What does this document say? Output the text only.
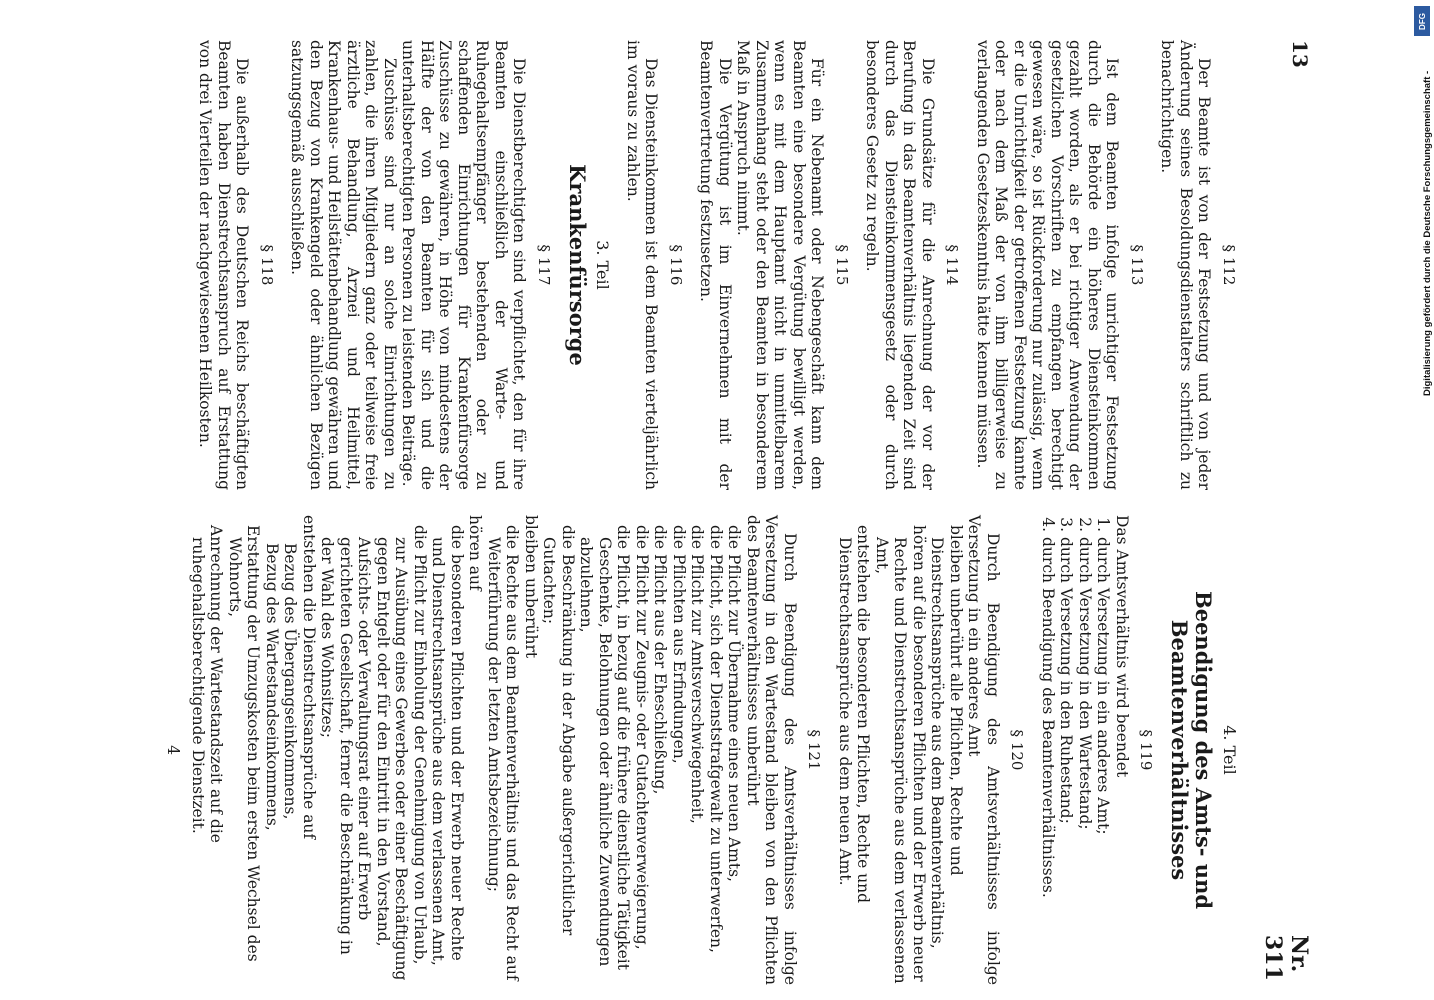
13
Nr. 311
§ 112

Der Beamte ist von der Festsetzung und von jeder Änderung seines Besoldungsdienstalters schriftlich zu benachrichtigen.

§ 113

Ist dem Beamten infolge unrichtiger Festsetzung durch die Behörde ein höheres Diensteinkommen gezahlt worden, als er bei richtiger Anwendung der gesetzlichen Vorschriften zu empfangen berechtigt gewesen wäre, so ist Rückforderung nur zulässig, wenn er die Unrichtigkeit der getroffenen Festsetzung kannte oder nach dem Maß der von ihm billigerweise zu verlangenden Gesetzeskenntnis hätte kennen müssen.

§ 114

Die Grundsätze für die Anrechnung der vor der Berufung in das Beamtenverhältnis liegenden Zeit sind durch das Diensteinkommensgesetz oder durch besonderes Gesetz zu regeln.

§ 115

Für ein Nebenamt oder Nebengeschäft kann dem Beamten eine besondere Vergütung bewilligt werden, wenn es mit dem Hauptamt nicht in unmittelbarem Zusammenhang steht oder den Beamten in besonderem Maß in Anspruch nimmt.

Die Vergütung ist im Einvernehmen mit der Beamtenvertretung festzusetzen.

§ 116

Das Diensteinkommen ist dem Beamten vierteljährlich im voraus zu zahlen.

3. Teil
Krankenfürsorge
§ 117

Die Dienstberechtigten sind verpflichtet, den für ihre Beamten einschließlich der Warte- und Ruhegehaltsempfänger bestehenden oder zu schaffenden Einrichtungen für Krankenfürsorge Zuschüsse zu gewähren, in Höhe von mindestens der Hälfte der von den Beamten für sich und die unterhaltsberechtigten Personen zu leistenden Beiträge.

Zuschüsse sind nur an solche Einrichtungen zu zahlen, die ihren Mitgliedern ganz oder teilweise freie ärztliche Behandlung, Arznei und Heilmittel, Krankenhaus- und Heilstättenbehandlung gewähren und den Bezug von Krankengeld oder ähnlichen Bezügen satzungsgemäß ausschließen.

§ 118

Die außerhalb des Deutschen Reichs beschäftigten Beamten haben Dienstrechtsanspruch auf Erstattung von drei Vierteilen der nachgewiesenen Heilkosten.

4. Teil
Beendigung des Amts- und Beamtenverhältnisses
§ 119

Das Amtsverhältnis wird beendet

1. durch Versetzung in ein anderes Amt;
2. durch Versetzung in den Wartestand;
3. durch Versetzung in den Ruhestand;
4. durch Beendigung des Beamtenverhältnisses.
§ 120

Durch Beendigung des Amtsverhältnisses infolge Versetzung in ein anderes Amt

bleiben unberührt alle Pflichten, Rechte und Dienstrechtsansprüche aus dem Beamtenverhältnis,

hören auf die besonderen Pflichten und der Erwerb neuer Rechte und Dienstrechtsansprüche aus dem verlassenen Amt,

entstehen die besonderen Pflichten, Rechte und Dienstrechtsansprüche aus dem neuen Amt.

§ 121

Durch Beendigung des Amtsverhältnisses infolge Versetzung in den Wartestand bleiben von den Pflichten des Beamtenverhältnisses unberührt

die Pflicht zur Übernahme eines neuen Amts,

die Pflicht, sich der Dienststrafgewalt zu unterwerfen,

die Pflicht zur Amtsverschwiegenheit,

die Pflichten aus Erfindungen,

die Pflicht aus der Eheschließung,

die Pflicht zur Zeugnis- oder Gutachtenverweigerung,

die Pflicht, in bezug auf die frühere dienstliche Tätigkeit Geschenke, Belohnungen oder ähnliche Zuwendungen abzulehnen,

die Beschränkung in der Abgabe außergerichtlicher Gutachten;

bleiben unberührt

die Rechte aus dem Beamtenverhältnis und das Recht auf Weiterführung der letzten Amtsbezeichnung;

hören auf

die besonderen Pflichten und der Erwerb neuer Rechte und Dienstrechtsansprüche aus dem verlassenen Amt,

die Pflicht zur Einholung der Genehmigung von Urlaub, zur Ausübung eines Gewerbes oder einer Beschäftigung gegen Entgelt oder für den Eintritt in den Vorstand, Aufsichts- oder Verwaltungsrat einer auf Erwerb gerichteten Gesellschaft, ferner die Beschränkung in der Wahl des Wohnsitzes;

entstehen die Dienstrechtsansprüche auf

Bezug des Übergangseinkommens,

Bezug des Wartestandseinkommens,

Erstattung der Umzugskosten beim ersten Wechsel des Wohnorts,

Anrechnung der Wartestandszeit auf die ruhegehaltsberechtigende Dienstzeit.

4
DFG
Digitalisierung gefördert durch die Deutsche Forschungsgemeinschaft -
